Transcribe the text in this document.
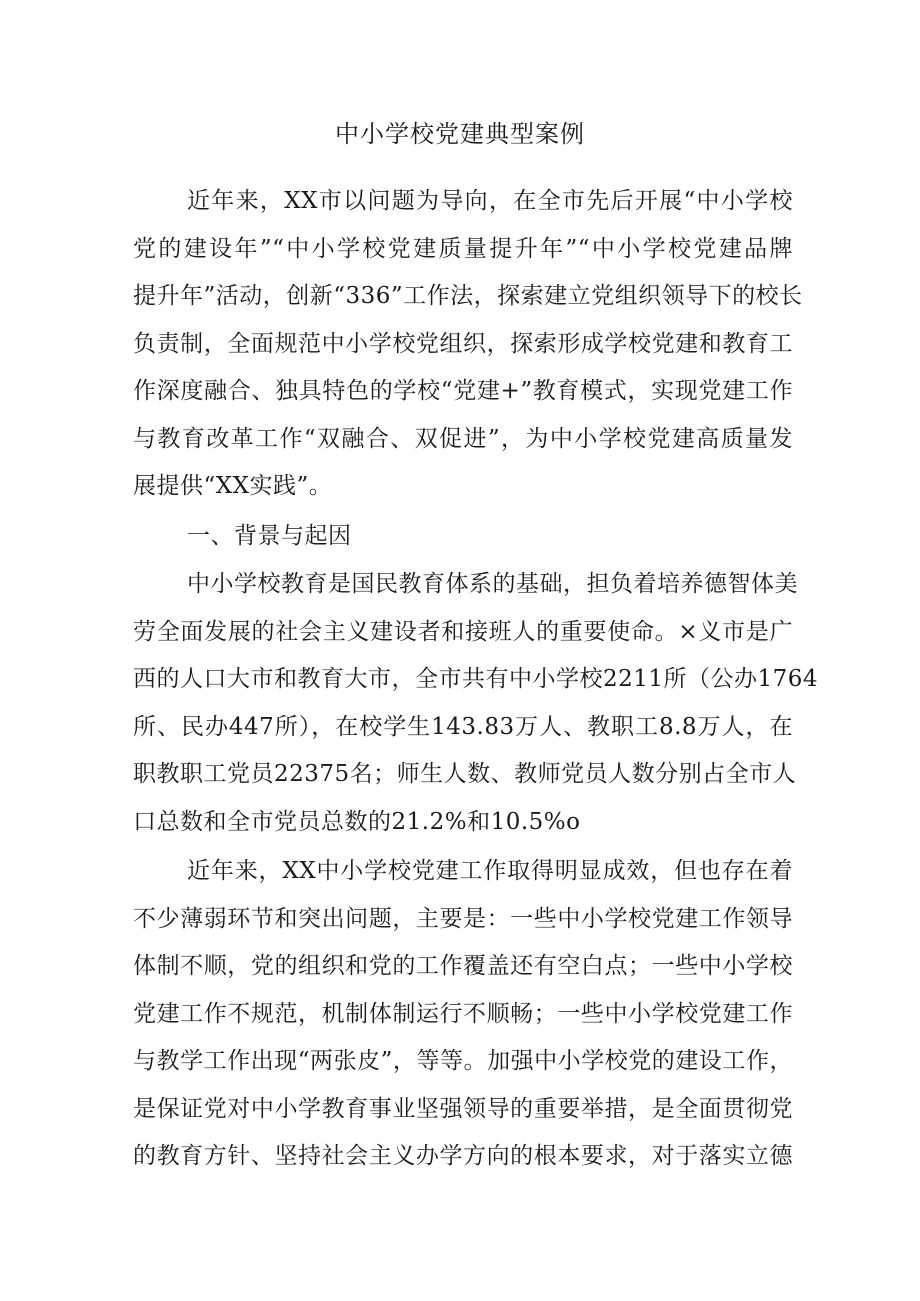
中小学校党建典型案例
近年来，XX市以问题为导向，在全市先后开展“中小学校
党的建设年”“中小学校党建质量提升年”“中小学校党建品牌
提升年”活动，创新“336”工作法，探索建立党组织领导下的校长
负责制，全面规范中小学校党组织，探索形成学校党建和教育工
作深度融合、独具特色的学校“党建+”教育模式，实现党建工作
与教育改革工作“双融合、双促进”，为中小学校党建高质量发
展提供“XX实践”。
一、背景与起因
中小学校教育是国民教育体系的基础，担负着培养德智体美
劳全面发展的社会主义建设者和接班人的重要使命。×义市是广
西的人口大市和教育大市，全市共有中小学校2211所（公办1764
所、民办447所），在校学生143.83万人、教职工8.8万人，在
职教职工党员22375名；师生人数、教师党员人数分别占全市人
口总数和全市党员总数的21.2%和10.5%o
近年来，XX中小学校党建工作取得明显成效，但也存在着
不少薄弱环节和突出问题，主要是：一些中小学校党建工作领导
体制不顺，党的组织和党的工作覆盖还有空白点；一些中小学校
党建工作不规范，机制体制运行不顺畅；一些中小学校党建工作
与教学工作出现“两张皮”，等等。加强中小学校党的建设工作，
是保证党对中小学教育事业坚强领导的重要举措，是全面贯彻党
的教育方针、坚持社会主义办学方向的根本要求，对于落实立德
